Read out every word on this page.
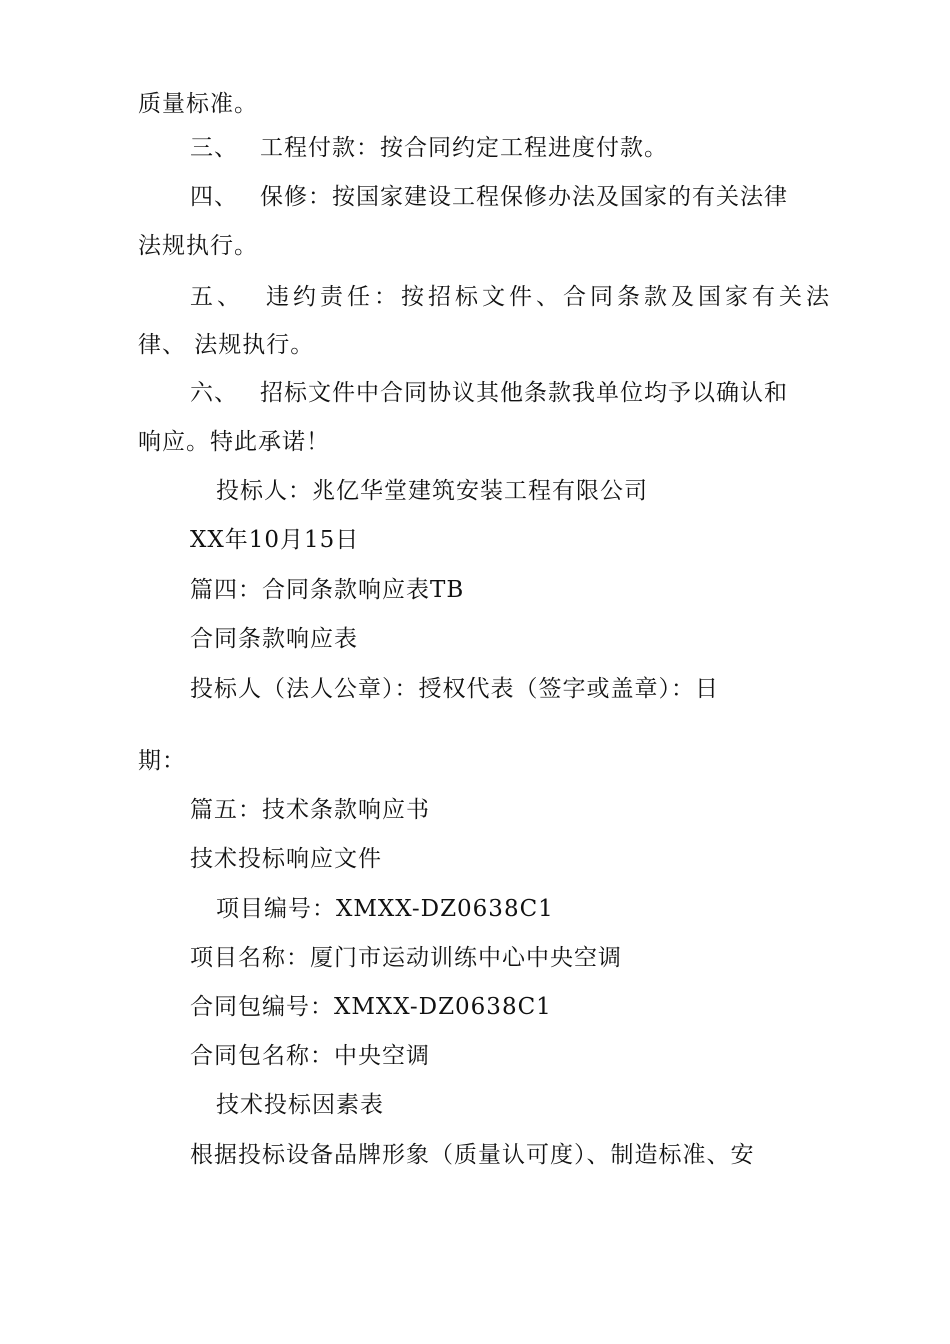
质量标准。
三、 工程付款：按合同约定工程进度付款。
四、 保修：按国家建设工程保修办法及国家的有关法律
法规执行。
五、 违约责任：按招标文件、合同条款及国家有关法
律、 法规执行。
六、 招标文件中合同协议其他条款我单位均予以确认和
响应。特此承诺！
投标人：兆亿华堂建筑安装工程有限公司
XX年10月15日
篇四：合同条款响应表TB
合同条款响应表
投标人（法人公章）：授权代表（签字或盖章）：日
期：
篇五：技术条款响应书
技术投标响应文件
项目编号：XMXX-DZ0638C1
项目名称：厦门市运动训练中心中央空调
合同包编号：XMXX-DZ0638C1
合同包名称：中央空调
技术投标因素表
根据投标设备品牌形象（质量认可度）、制造标准、安
